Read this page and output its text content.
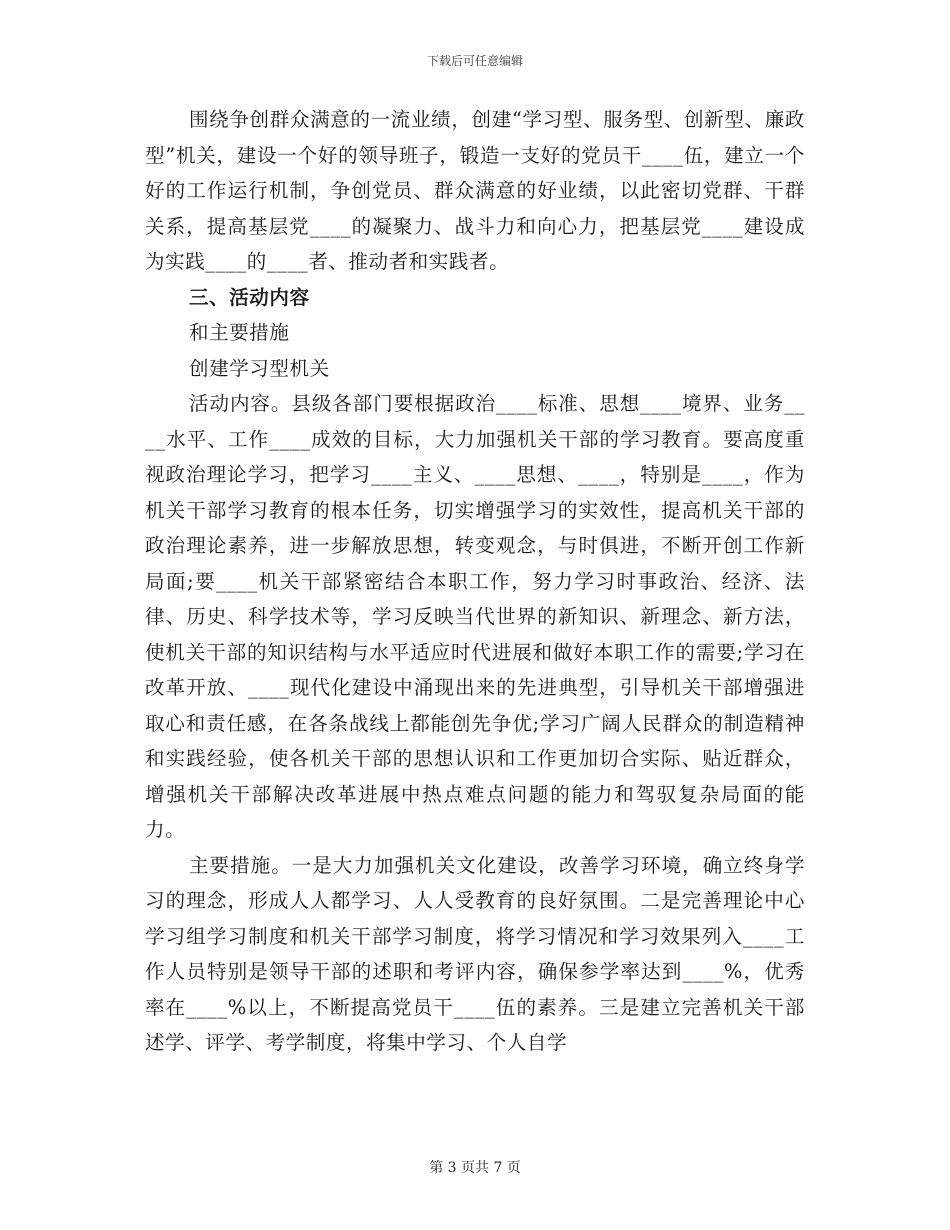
下载后可任意编辑

围绕争创群众满意的一流业绩，创建“学习型、服务型、创新型、廉政型”机关，建设一个好的领导班子，锻造一支好的党员干____伍，建立一个好的工作运行机制，争创党员、群众满意的好业绩，以此密切党群、干群关系，提高基层党____的凝聚力、战斗力和向心力，把基层党____建设成为实践____的____者、推动者和实践者。

三、活动内容

和主要措施

创建学习型机关

活动内容。县级各部门要根据政治____标准、思想____境界、业务____水平、工作____成效的目标，大力加强机关干部的学习教育。要高度重视政治理论学习，把学习____主义、____思想、____，特别是____，作为机关干部学习教育的根本任务，切实增强学习的实效性，提高机关干部的政治理论素养，进一步解放思想，转变观念，与时俱进，不断开创工作新局面;要____机关干部紧密结合本职工作，努力学习时事政治、经济、法律、历史、科学技术等，学习反映当代世界的新知识、新理念、新方法，使机关干部的知识结构与水平适应时代进展和做好本职工作的需要;学习在改革开放、____现代化建设中涌现出来的先进典型，引导机关干部增强进取心和责任感，在各条战线上都能创先争优;学习广阔人民群众的制造精神和实践经验，使各机关干部的思想认识和工作更加切合实际、贴近群众，增强机关干部解决改革进展中热点难点问题的能力和驾驭复杂局面的能力。

主要措施。一是大力加强机关文化建设，改善学习环境，确立终身学习的理念，形成人人都学习、人人受教育的良好氛围。二是完善理论中心学习组学习制度和机关干部学习制度，将学习情况和学习效果列入____工作人员特别是领导干部的述职和考评内容，确保参学率达到____%，优秀率在____%以上，不断提高党员干____伍的素养。三是建立完善机关干部述学、评学、考学制度，将集中学习、个人自学

第 3 页共 7 页
